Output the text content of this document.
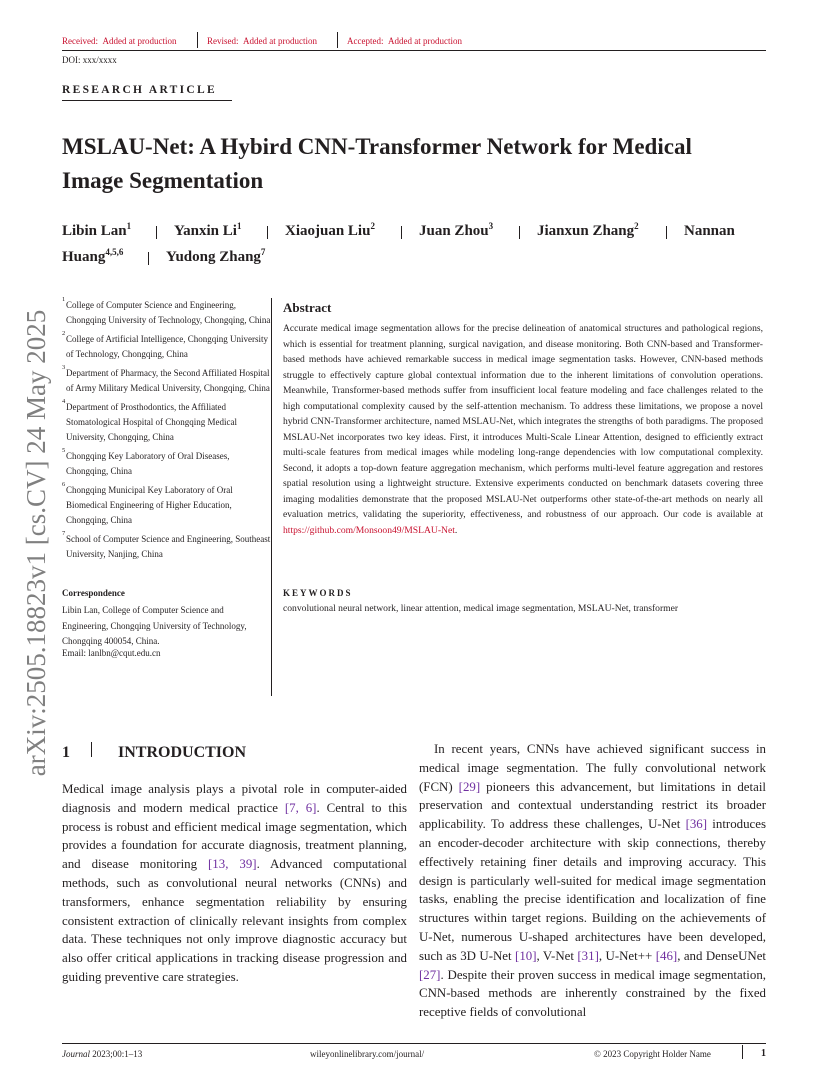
Received: Added at production	Revised: Added at production	Accepted: Added at production
DOI: xxx/xxxx
RESEARCH ARTICLE
arXiv:2505.18823v1 [cs.CV] 24 May 2025
MSLAU-Net: A Hybird CNN-Transformer Network for Medical
Image Segmentation
Libin Lan$^1$	Yanxin Li$^1$	Xiaojuan Liu$^2$	Juan Zhou$^3$	Jianxun Zhang$^2$	Nannan
Huang$^{4,5,6}$	Yudong Zhang$^7$
1
College of Computer Science and Engineering, Chongqing University of Technology, Chongqing, China
2
College of Artificial Intelligence, Chongqing University of Technology, Chongqing, China
3
Department of Pharmacy, the Second Affiliated Hospital of Army Military Medical University, Chongqing, China
4
Department of Prosthodontics, the Affiliated Stomatological Hospital of Chongqing Medical University, Chongqing, China
5
Chongqing Key Laboratory of Oral Diseases, Chongqing, China
6
Chongqing Municipal Key Laboratory of Oral Biomedical Engineering of Higher Education, Chongqing, China
7
School of Computer Science and Engineering, Southeast University, Nanjing, China
Correspondence
Libin Lan, College of Computer Science and Engineering, Chongqing University of Technology, Chongqing 400054, China.
Email: lanlbn@cqut.edu.cn
Abstract
Accurate medical image segmentation allows for the precise delineation of anatomical structures and pathological regions, which is essential for treatment planning, surgical navigation, and disease monitoring. Both CNN-based and Transformer-based methods have achieved remarkable success in medical image segmentation tasks. However, CNN-based methods struggle to effectively capture global contextual information due to the inherent limitations of convolution operations. Meanwhile, Transformer-based methods suffer from insufficient local feature modeling and face challenges related to the high computational complexity caused by the self-attention mechanism. To address these limitations, we propose a novel hybrid CNN-Transformer architecture, named MSLAU-Net, which integrates the strengths of both paradigms. The proposed MSLAU-Net incorporates two key ideas. First, it introduces Multi-Scale Linear Attention, designed to efficiently extract multi-scale features from medical images while modeling long-range dependencies with low computational complexity. Second, it adopts a top-down feature aggregation mechanism, which performs multi-level feature aggregation and restores spatial resolution using a lightweight structure. Extensive experiments conducted on benchmark datasets covering three imaging modalities demonstrate that the proposed MSLAU-Net outperforms other state-of-the-art methods on nearly all evaluation metrics, validating the superiority, effectiveness, and robustness of our approach. Our code is available at https://github.com/Monsoon49/MSLAU-Net.
KEYWORDS
convolutional neural network, linear attention, medical image segmentation, MSLAU-Net, transformer
1	INTRODUCTION
Medical image analysis plays a pivotal role in computer-aided diagnosis and modern medical practice [7, 6]. Central to this process is robust and efficient medical image segmentation, which provides a foundation for accurate diagnosis, treatment planning, and disease monitoring [13, 39]. Advanced computational methods, such as convolutional neural networks (CNNs) and transformers, enhance segmentation reliability by ensuring consistent extraction of clinically relevant insights from complex data. These techniques not only improve diagnostic accuracy but also offer critical applications in tracking disease progression and guiding preventive care strategies.
In recent years, CNNs have achieved significant success in medical image segmentation. The fully convolutional network (FCN) [29] pioneers this advancement, but limitations in detail preservation and contextual understanding restrict its broader applicability. To address these challenges, U-Net [36] introduces an encoder-decoder architecture with skip connections, thereby effectively retaining finer details and improving accuracy. This design is particularly well-suited for medical image segmentation tasks, enabling the precise identification and localization of fine structures within target regions. Building on the achievements of U-Net, numerous U-shaped architectures have been developed, such as 3D U-Net [10], V-Net [31], U-Net++ [46], and DenseUNet [27]. Despite their proven success in medical image segmentation, CNN-based methods are inherently constrained by the fixed receptive fields of convolutional
Journal 2023;00:1–13	wileyonlinelibrary.com/journal/	© 2023 Copyright Holder Name	1
